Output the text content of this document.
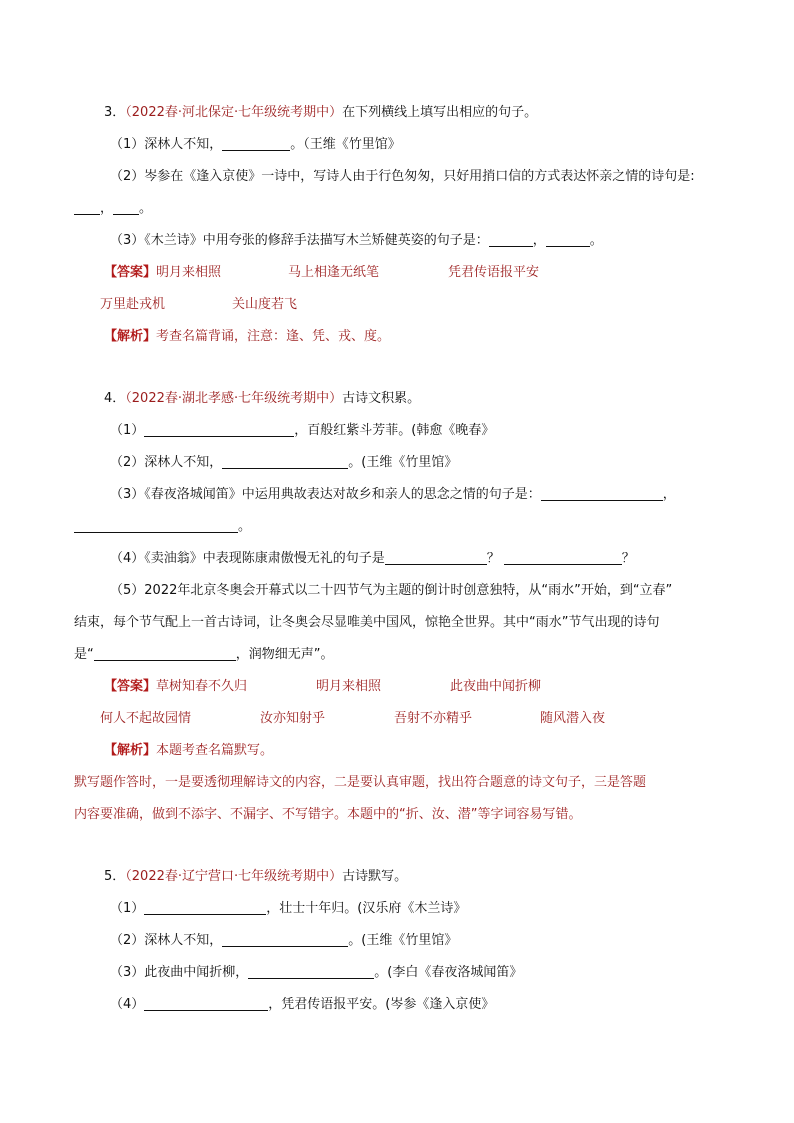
3．（2022春·河北保定·七年级统考期中）在下列横线上填写出相应的句子。
（1）深林人不知，	。（王维《竹里馆》
（2）岑参在《逢入京使》一诗中，写诗人由于行色匆匆，只好用捎口信的方式表达怀亲之情的诗句是:
， 。
（3）《木兰诗》中用夸张的修辞手法描写木兰矫健英姿的句子是：	，	。
【答案】 明月来相照	马上相逢无纸笔	凭君传语报平安
万里赴戎机	关山度若飞
【解析】考查名篇背诵，注意：逢、凭、戎、度。
4．（2022春·湖北孝感·七年级统考期中）古诗文积累。
（1）	，百般红紫斗芳菲。(韩愈《晚春》
（2）深林人不知，	。(王维《竹里馆》
（3）《春夜洛城闻笛》中运用典故表达对故乡和亲人的思念之情的句子是：	，
。
（4）《卖油翁》中表现陈康肃傲慢无礼的句子是	？	？
（5）2022年北京冬奥会开幕式以二十四节气为主题的倒计时创意独特，从“雨水”开始，到“立春”
结束，每个节气配上一首古诗词，让冬奥会尽显唯美中国风，惊艳全世界。其中“雨水”节气出现的诗句
是“	，润物细无声”。
【答案】 草树知春不久归	明月来相照	此夜曲中闻折柳
何人不起故园情	汝亦知射乎	吾射不亦精乎	随风潜入夜
【解析】本题考查名篇默写。
默写题作答时，一是要透彻理解诗文的内容，二是要认真审题，找出符合题意的诗文句子，三是答题
内容要准确，做到不添字、不漏字、不写错字。本题中的“折、汝、潜”等字词容易写错。
5．（2022春·辽宁营口·七年级统考期中）古诗默写。
（1）	，壮士十年归。(汉乐府《木兰诗》
（2）深林人不知，	。(王维《竹里馆》
（3）此夜曲中闻折柳，	。(李白《春夜洛城闻笛》
（4）	，凭君传语报平安。(岑参《逢入京使》
